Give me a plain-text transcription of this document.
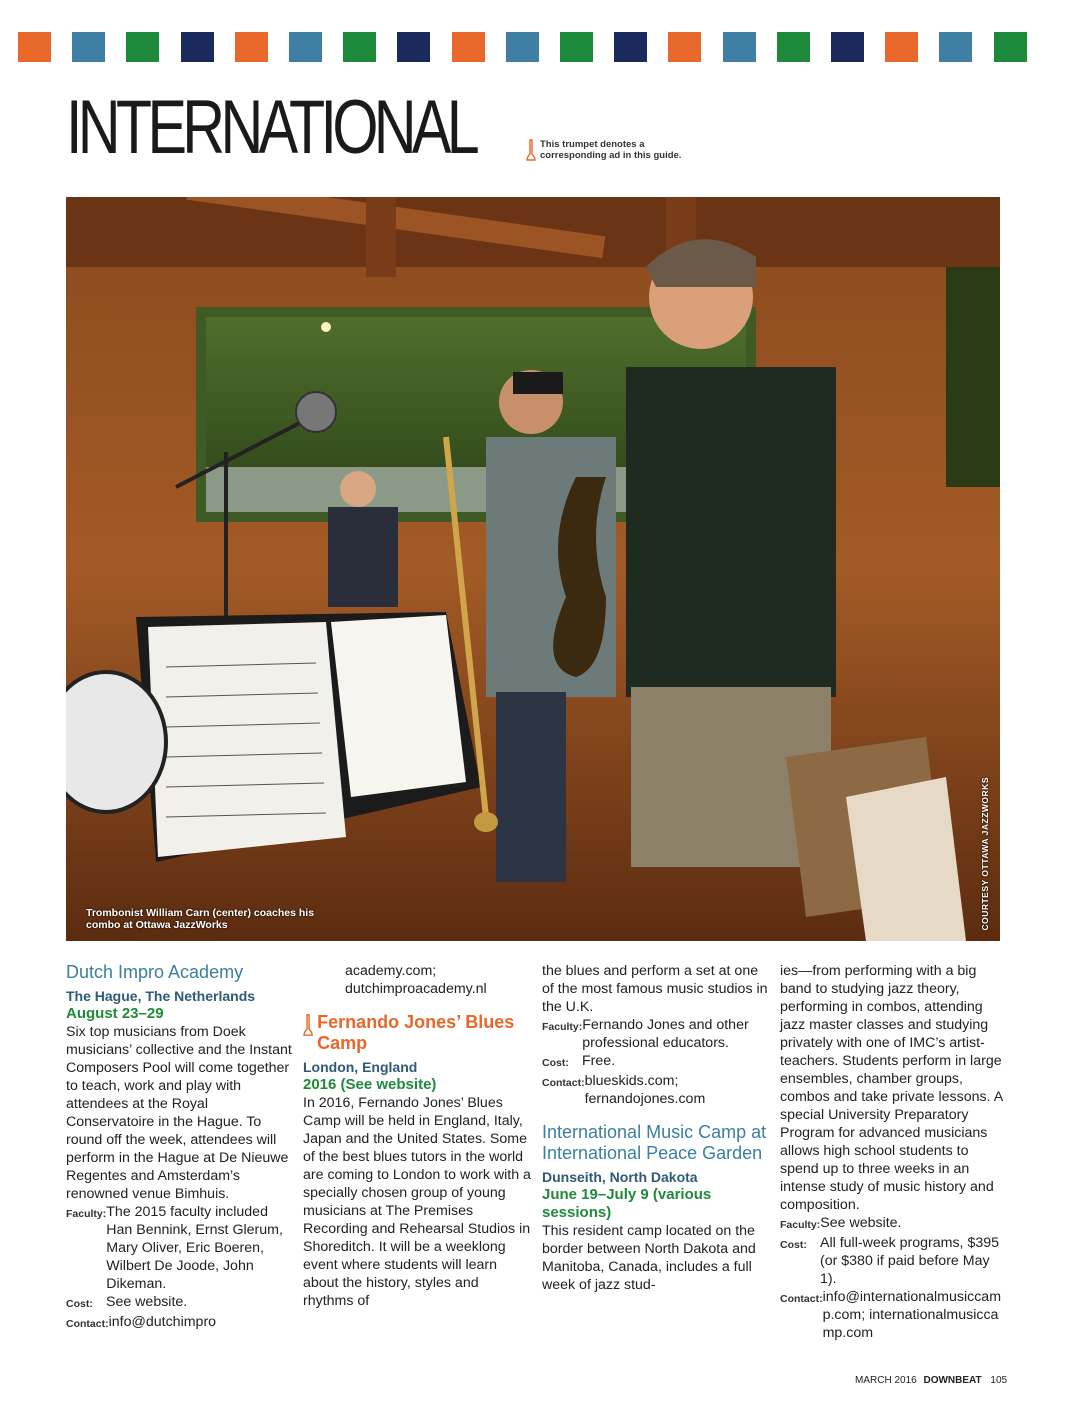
INTERNATIONAL	This trumpet denotes a corresponding ad in this guide.
Trombonist William Carn (center) coaches his combo at Ottawa JazzWorks	COURTESY OTTAWA JAZZWORKS
Dutch Impro Academy

The Hague, The Netherlands

August 23–29

Six top musicians from Doek musicians’ collective and the Instant Composers Pool will come together to teach, work and play with attendees at the Royal Conservatoire in the Hague. To round off the week, attendees will perform in the Hague at De Nieuwe Regentes and Amsterdam’s renowned venue Bimhuis.

Faculty: The 2015 faculty included Han Bennink, Ernst Glerum, Mary Oliver, Eric Boeren, Wilbert De Joode, John Dikeman.
Cost: See website.
Contact: info@dutchimpro

academy.com; dutchimproacademy.nl

Fernando Jones’ Blues Camp

London, England

2016 (See website)

In 2016, Fernando Jones’ Blues Camp will be held in England, Italy, Japan and the United States. Some of the best blues tutors in the world are coming to London to work with a specially chosen group of young musicians at The Premises Recording and Rehearsal Studios in Shoreditch. It will be a weeklong event where students will learn about the history, styles and rhythms of

the blues and perform a set at one of the most famous music studios in the U.K.

Faculty: Fernando Jones and other professional educators.
Cost: Free.
Contact: blueskids.com; fernandojones.com
International Music Camp at International Peace Garden

Dunseith, North Dakota

June 19–July 9 (various sessions)

This resident camp located on the border between North Dakota and Manitoba, Canada, includes a full week of jazz stud-

ies—from performing with a big band to studying jazz theory, performing in combos, attending jazz master classes and studying privately with one of IMC’s artist-teachers. Students perform in large ensembles, chamber groups, combos and take private lessons. A special University Preparatory Program for advanced musicians allows high school students to spend up to three weeks in an intense study of music history and composition.

Faculty: See website.
Cost: All full-week programs, $395 (or $380 if paid before May 1).
Contact: info@internationalmusiccamp.com; internationalmusiccamp.com
MARCH 2016 DOWNBEAT 105
